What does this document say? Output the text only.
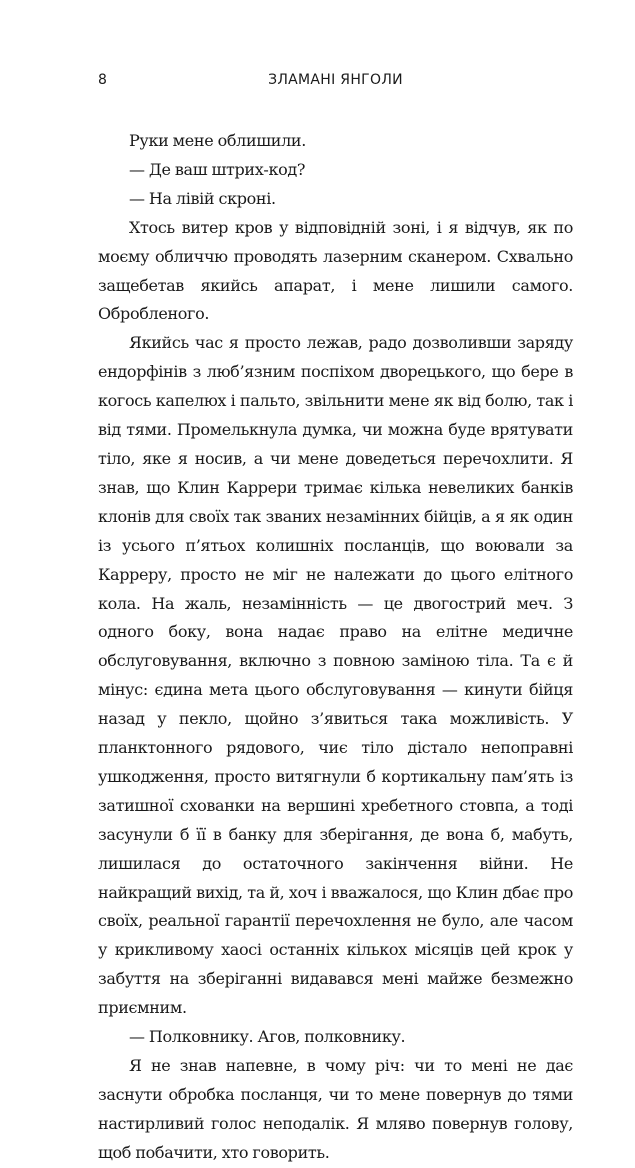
8	ЗЛАМАНІ ЯНГОЛИ

Руки мене облишили.

— Де ваш штрих-код?

— На лівій скроні.

Хтось витер кров у відповідній зоні, і я відчув, як по моєму обличчю проводять лазерним сканером. Схвально защебетав якийсь апарат, і мене лишили самого. Обробленого.

Якийсь час я просто лежав, радо дозволивши заряду ендорфінів з люб’язним поспіхом дворецького, що бере в когось капелюх і пальто, звільнити мене як від болю, так і від тями. Промелькнула думка, чи можна буде врятувати тіло, яке я носив, а чи мене доведеться перечохлити. Я знав, що Клин Каррери тримає кілька невеликих банків клонів для своїх так званих незамінних бійців, а я як один із усього п’ятьох колишніх посланців, що воювали за Каррeру, просто не міг не належати до цього елітного кола. На жаль, незамінність — це двогострий меч. З одного боку, вона надає право на елітне медичне обслуговування, включно з повною заміною тіла. Та є й мінус: єдина мета цього обслуговування — кинути бійця назад у пекло, щойно з’явиться така можливість. У планктонного рядового, чиє тіло дістало непоправні ушкодження, просто витягнули б кортикальну пам’ять із затишної схованки на вершині хребетного стовпа, а тоді засунули б її в банку для зберігання, де вона б, мабуть, лишилася до остаточного закінчення війни. Не найкращий вихід, та й, хоч і вважалося, що Клин дбає про своїх, реальної гарантії перечохлення не було, але часом у крикливому хаосі останніх кількох місяців цей крок у забуття на зберіганні видавався мені майже безмежно приємним.

— Полковнику. Агов, полковнику.

Я не знав напевне, в чому річ: чи то мені не дає заснути обробка посланця, чи то мене повернув до тями настирливий голос неподалік. Я мляво повернув голову, щоб побачити, хто говорить.
